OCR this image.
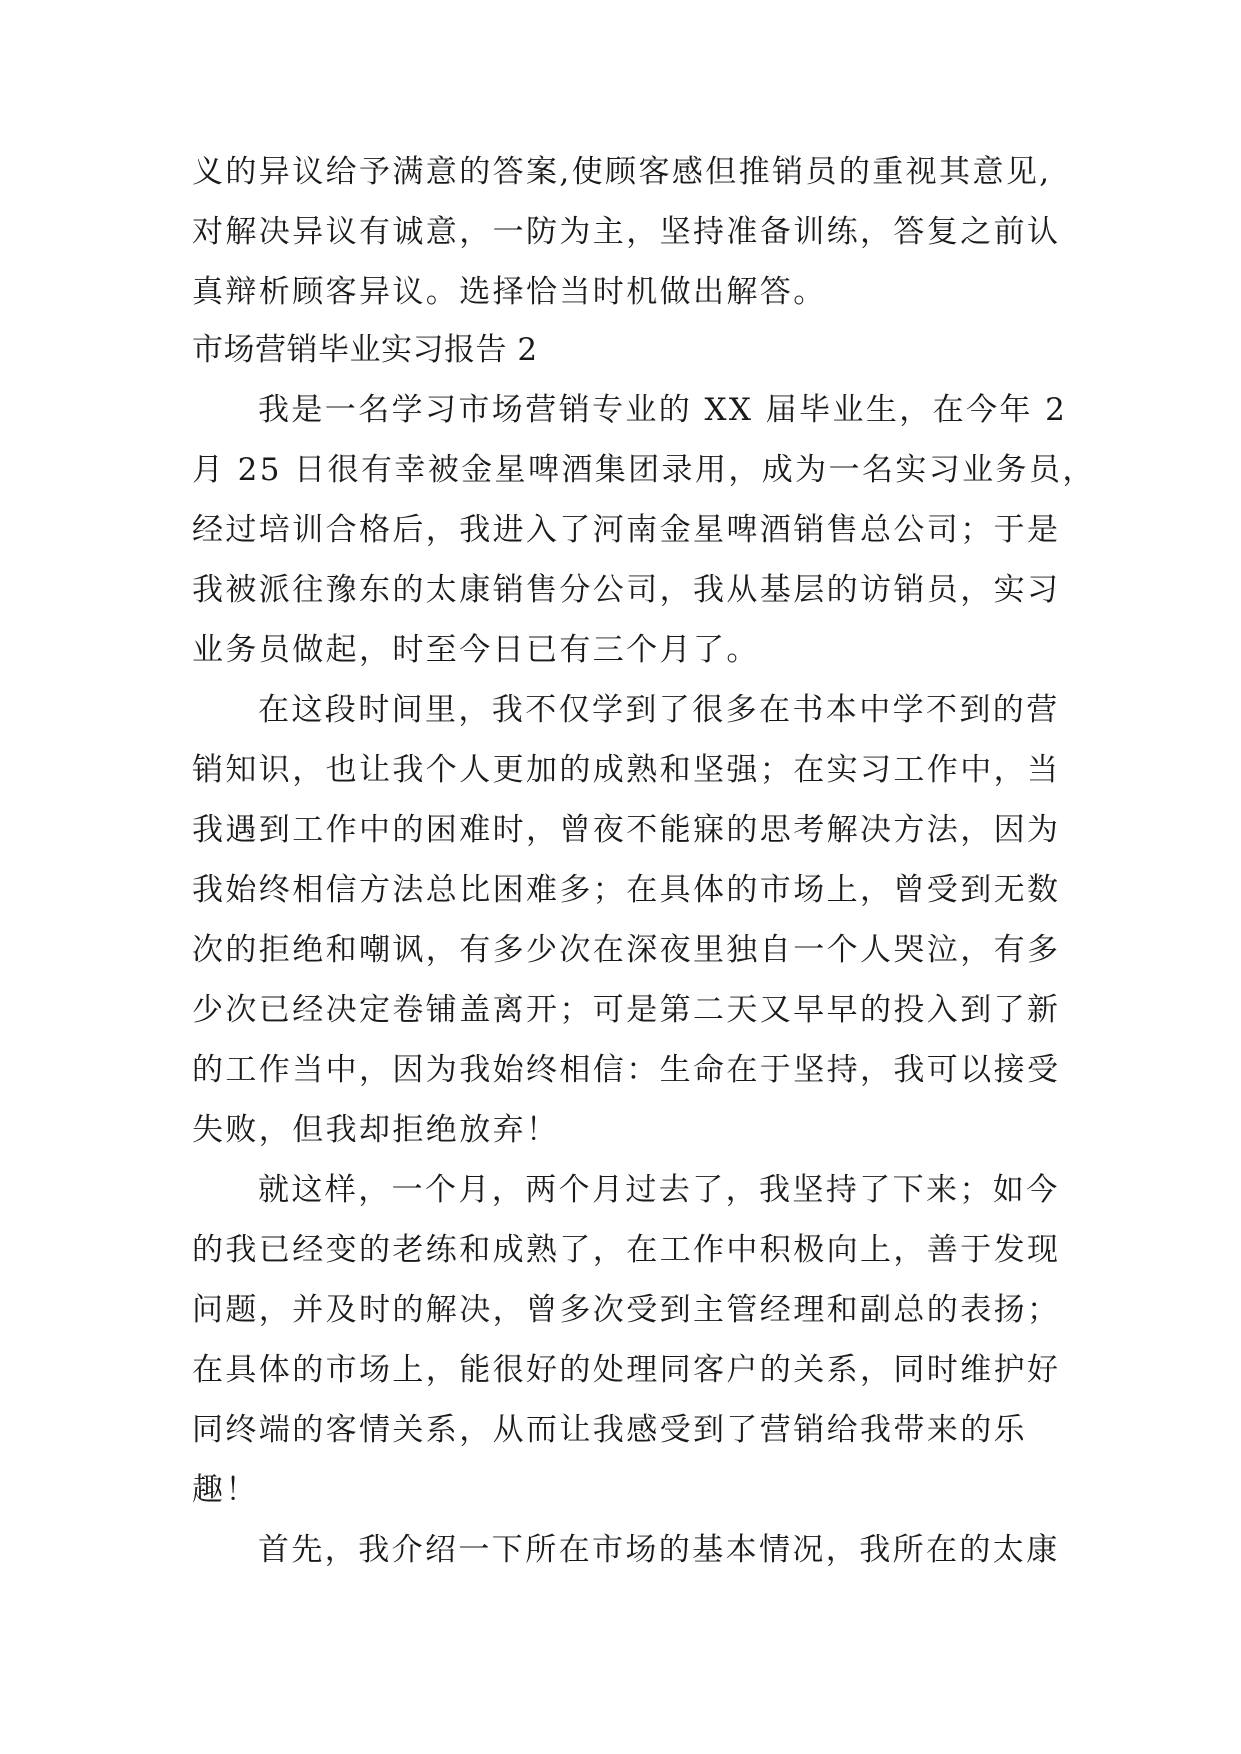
义的异议给予满意的答案,使顾客感但推销员的重视其意见,
对解决异议有诚意，一防为主，坚持准备训练，答复之前认
真辩析顾客异议。选择恰当时机做出解答。
市场营销毕业实习报告 2
我是一名学习市场营销专业的 XX 届毕业生，在今年 2
月 25 日很有幸被金星啤酒集团录用，成为一名实习业务员，
经过培训合格后，我进入了河南金星啤酒销售总公司；于是
我被派往豫东的太康销售分公司，我从基层的访销员，实习
业务员做起，时至今日已有三个月了。
在这段时间里，我不仅学到了很多在书本中学不到的营
销知识，也让我个人更加的成熟和坚强；在实习工作中，当
我遇到工作中的困难时，曾夜不能寐的思考解决方法，因为
我始终相信方法总比困难多；在具体的市场上，曾受到无数
次的拒绝和嘲讽，有多少次在深夜里独自一个人哭泣，有多
少次已经决定卷铺盖离开；可是第二天又早早的投入到了新
的工作当中，因为我始终相信：生命在于坚持，我可以接受
失败，但我却拒绝放弃！
就这样，一个月，两个月过去了，我坚持了下来；如今
的我已经变的老练和成熟了，在工作中积极向上，善于发现
问题，并及时的解决，曾多次受到主管经理和副总的表扬；
在具体的市场上，能很好的处理同客户的关系，同时维护好
同终端的客情关系，从而让我感受到了营销给我带来的乐
趣！
首先，我介绍一下所在市场的基本情况，我所在的太康
